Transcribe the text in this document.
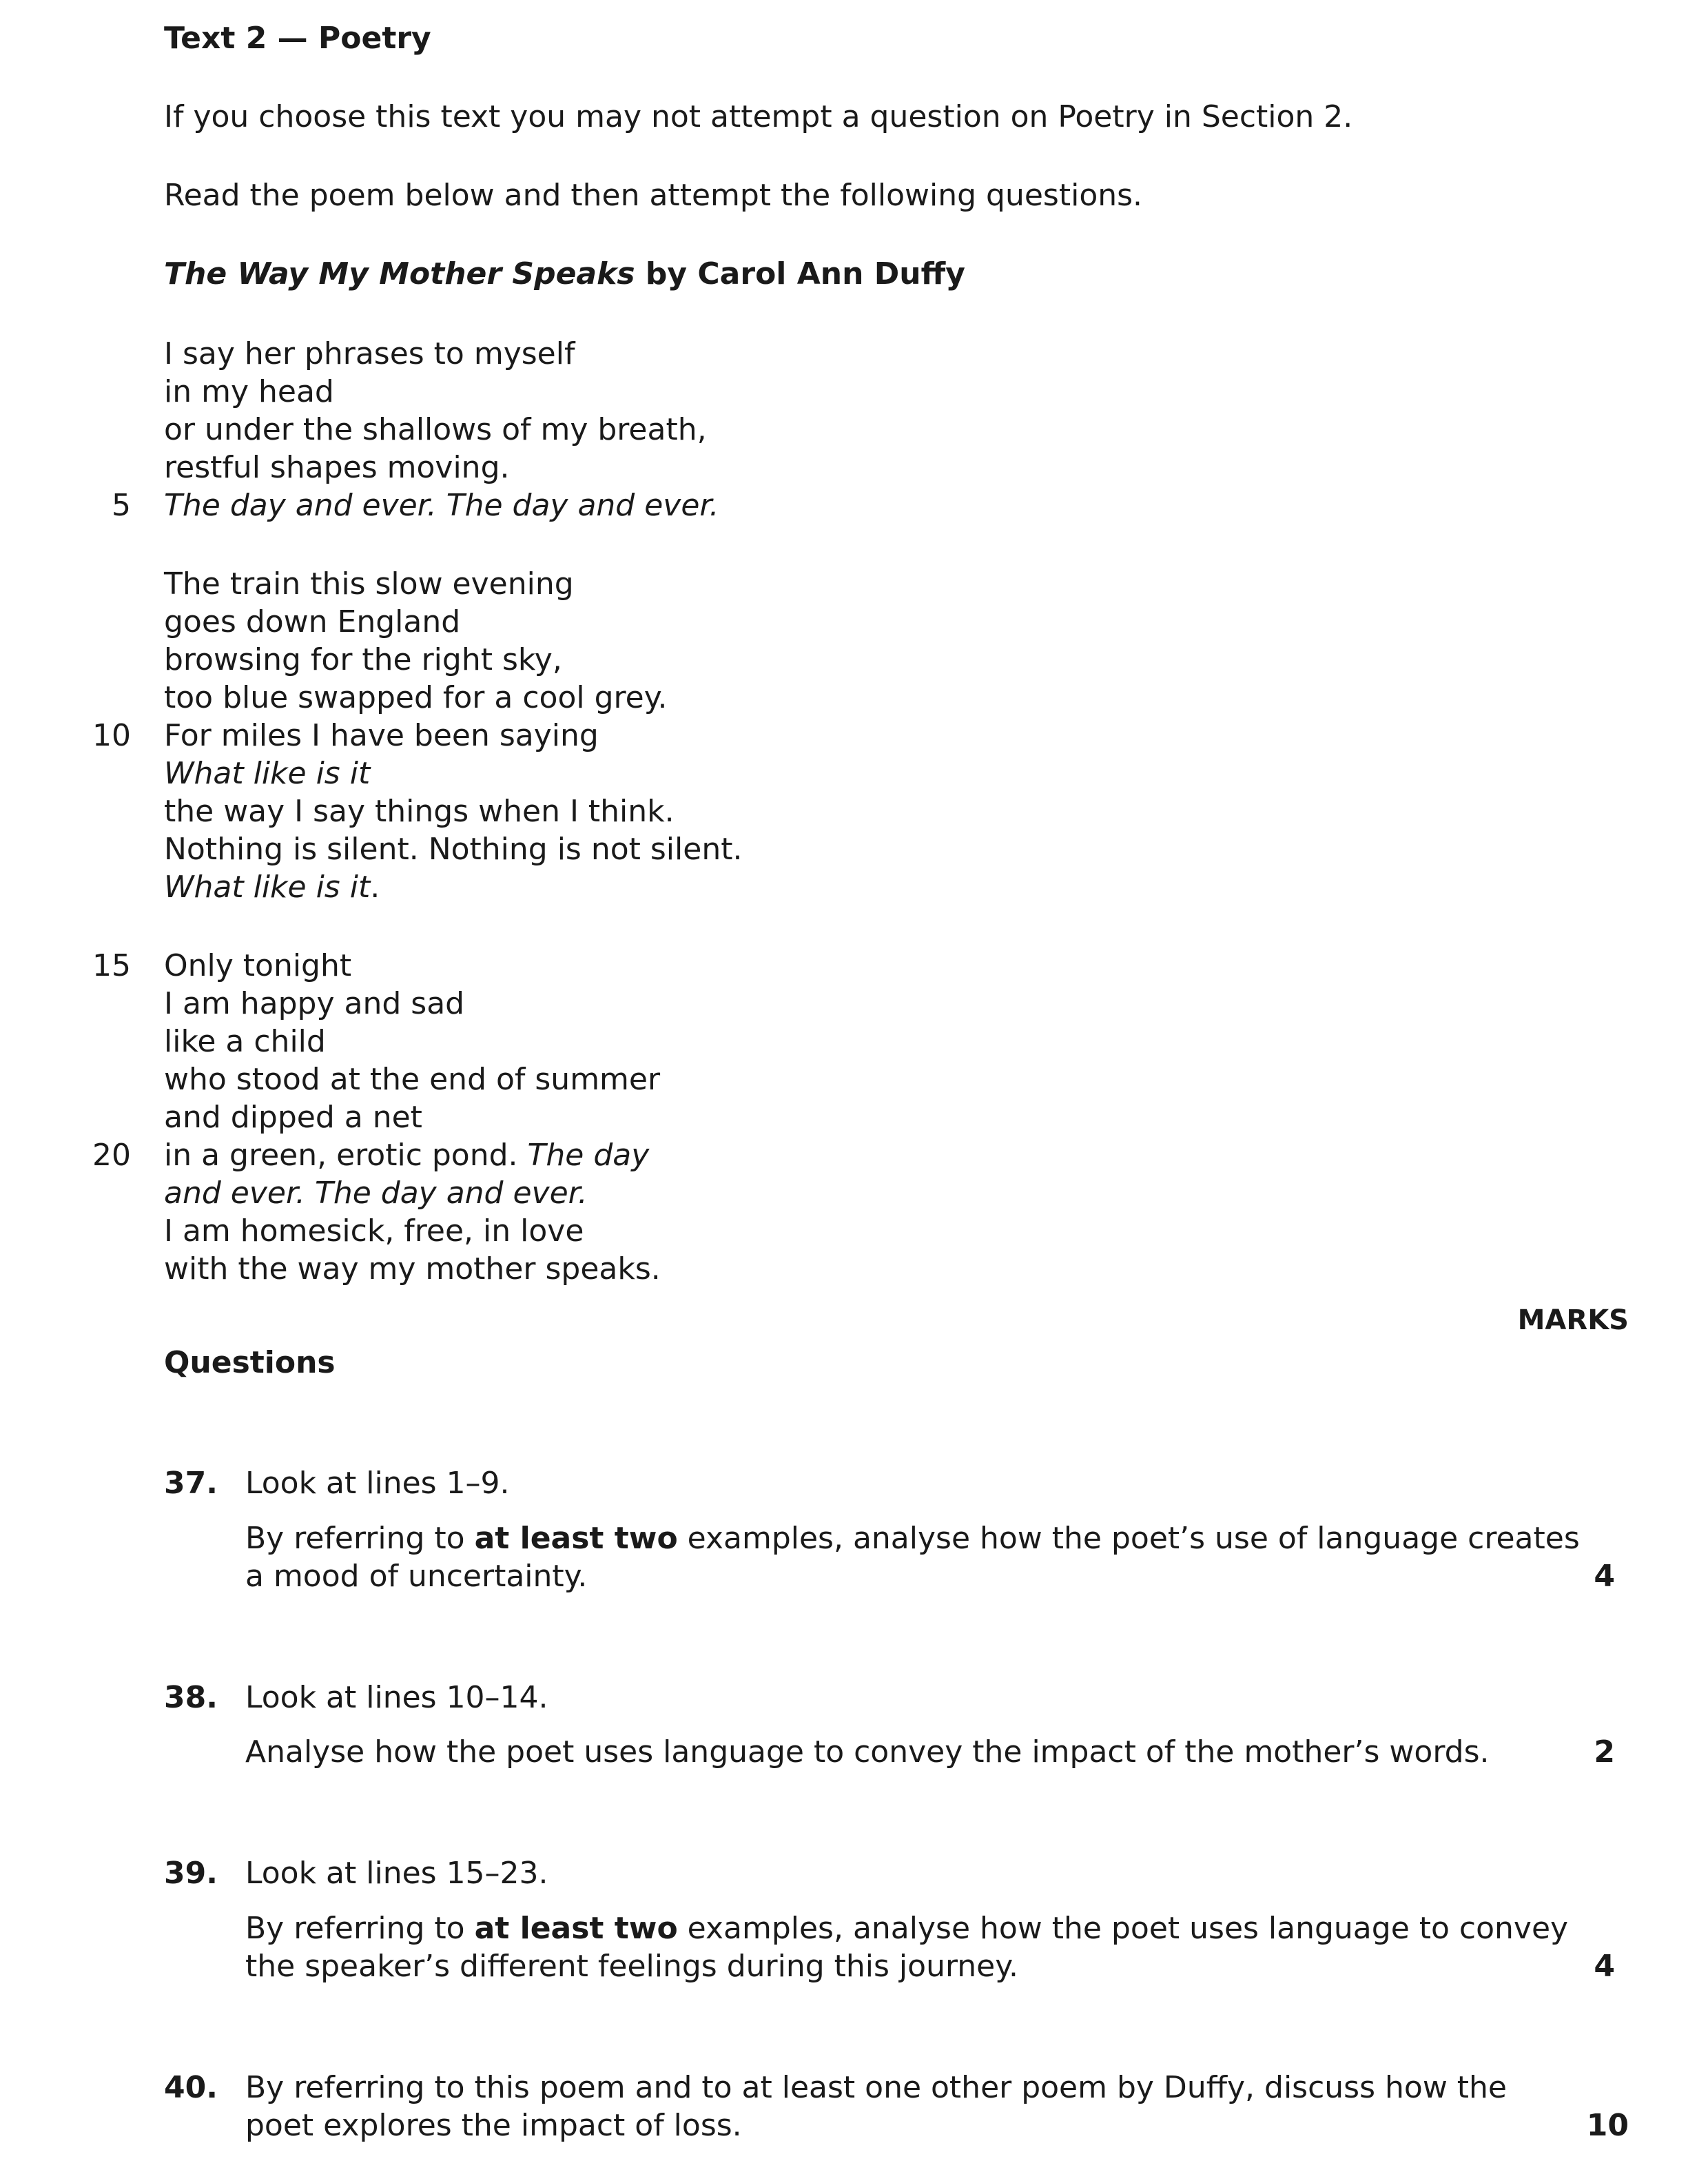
Text 2 — Poetry
If you choose this text you may not attempt a question on Poetry in Section 2.
Read the poem below and then attempt the following questions.
The Way My Mother Speaks by Carol Ann Duffy
I say her phrases to myself
in my head
or under the shallows of my breath,
restful shapes moving.
5 The day and ever. The day and ever.
The train this slow evening
goes down England
browsing for the right sky,
too blue swapped for a cool grey.
10 For miles I have been saying
What like is it
the way I say things when I think.
Nothing is silent. Nothing is not silent.
What like is it.
15 Only tonight
I am happy and sad
like a child
who stood at the end of summer
and dipped a net
20 in a green, erotic pond. The day
and ever. The day and ever.
I am homesick, free, in love
with the way my mother speaks.
MARKS
Questions
37. Look at lines 1–9.
By referring to at least two examples, analyse how the poet’s use of language creates
a mood of uncertainty.	4
38. Look at lines 10–14.
Analyse how the poet uses language to convey the impact of the mother’s words.	2
39. Look at lines 15–23.
By referring to at least two examples, analyse how the poet uses language to convey
the speaker’s different feelings during this journey.	4
40. By referring to this poem and to at least one other poem by Duffy, discuss how the
poet explores the impact of loss.	10
